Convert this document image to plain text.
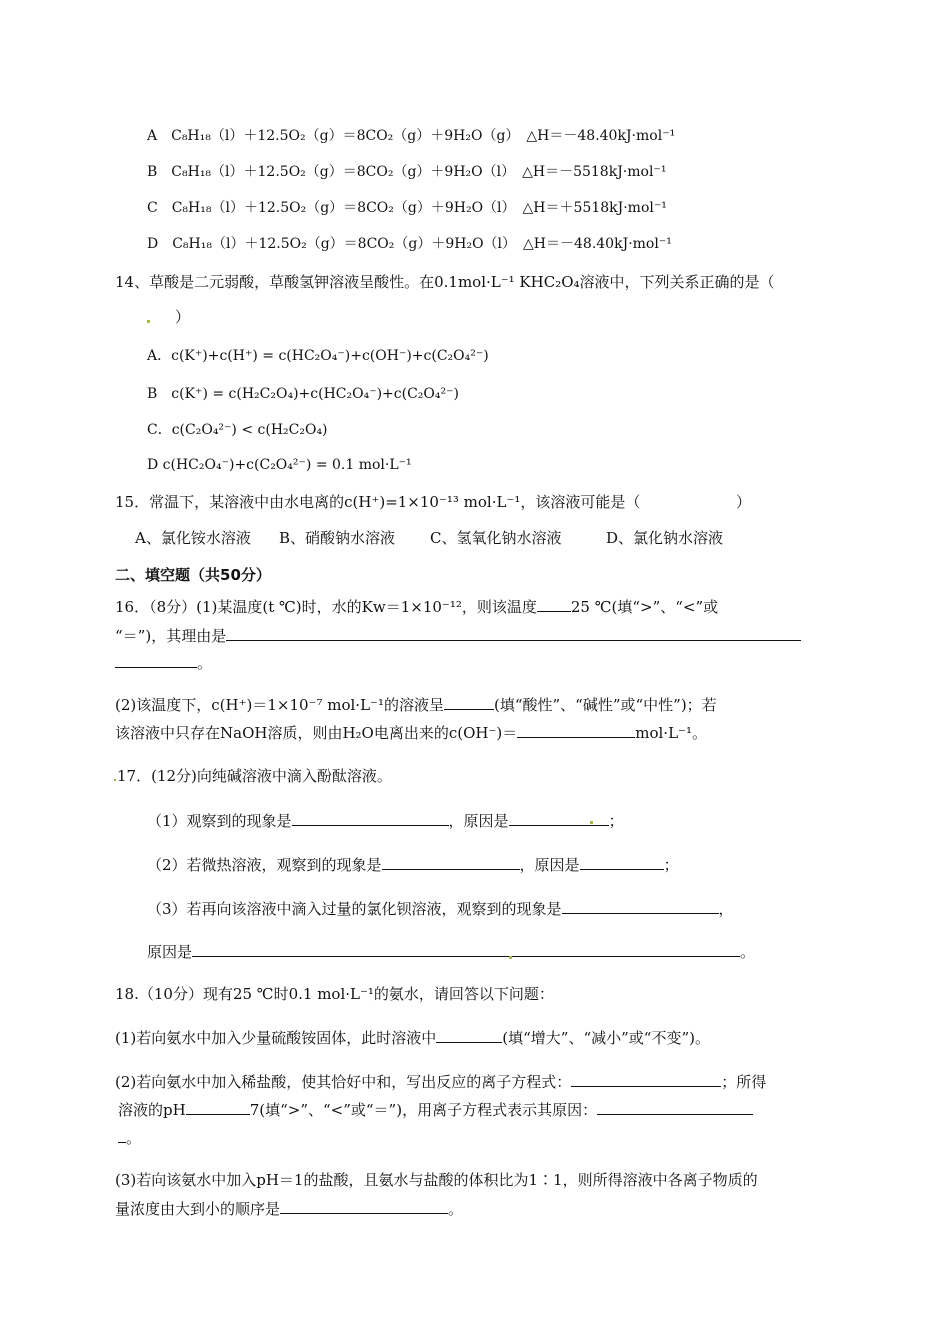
A　C₈H₁₈（l）＋12.5O₂（g）＝8CO₂（g）＋9H₂O（g）　△H＝－48.40kJ·mol⁻¹
B　C₈H₁₈（l）＋12.5O₂（g）＝8CO₂（g）＋9H₂O（l）　△H＝－5518kJ·mol⁻¹
C　C₈H₁₈（l）＋12.5O₂（g）＝8CO₂（g）＋9H₂O（l）　△H＝＋5518kJ·mol⁻¹
D　C₈H₁₈（l）＋12.5O₂（g）＝8CO₂（g）＋9H₂O（l）　△H＝－48.40kJ·mol⁻¹
14、草酸是二元弱酸，草酸氢钾溶液呈酸性。在0.1mol·L⁻¹ KHC₂O₄溶液中，下列关系正确的是（
）
A．c(K⁺)+c(H⁺) = c(HC₂O₄⁻)+c(OH⁻)+c(C₂O₄²⁻)
B　c(K⁺) = c(H₂C₂O₄)+c(HC₂O₄⁻)+c(C₂O₄²⁻)
C．c(C₂O₄²⁻) < c(H₂C₂O₄)
D c(HC₂O₄⁻)+c(C₂O₄²⁻) = 0.1 mol·L⁻¹
15．常温下，某溶液中由水电离的c(H⁺)=1×10⁻¹³ mol·L⁻¹，该溶液可能是（	）
A、氯化铵水溶液 B、硝酸钠水溶液 C、氢氧化钠水溶液	D、氯化钠水溶液
二、填空题（共50分）
16．（8分）(1)某温度(t ℃)时，水的Kw＝1×10⁻¹²，则该温度 25 ℃(填“>”、“<”或
“＝”)，其理由是
。
(2)该温度下，c(H⁺)＝1×10⁻⁷ mol·L⁻¹的溶液呈	(填“酸性”、“碱性”或“中性”)；若
该溶液中只存在NaOH溶质，则由H₂O电离出来的c(OH⁻)＝	mol·L⁻¹。
17．(12分)向纯碱溶液中滴入酚酞溶液。
（1）观察到的现象是	，原因是	；
（2）若微热溶液，观察到的现象是	，原因是	；
（3）若再向该溶液中滴入过量的氯化钡溶液，观察到的现象是	，
原因是	。
18.（10分）现有25 ℃时0.1 mol·L⁻¹的氨水，请回答以下问题：
(1)若向氨水中加入少量硫酸铵固体，此时溶液中	(填“增大”、“减小”或“不变”)。
(2)若向氨水中加入稀盐酸，使其恰好中和，写出反应的离子方程式：	；所得
溶液的pH	7(填“>”、“<”或“＝”)，用离子方程式表示其原因：
。
(3)若向该氨水中加入pH＝1的盐酸，且氨水与盐酸的体积比为1∶1，则所得溶液中各离子物质的
量浓度由大到小的顺序是	。
